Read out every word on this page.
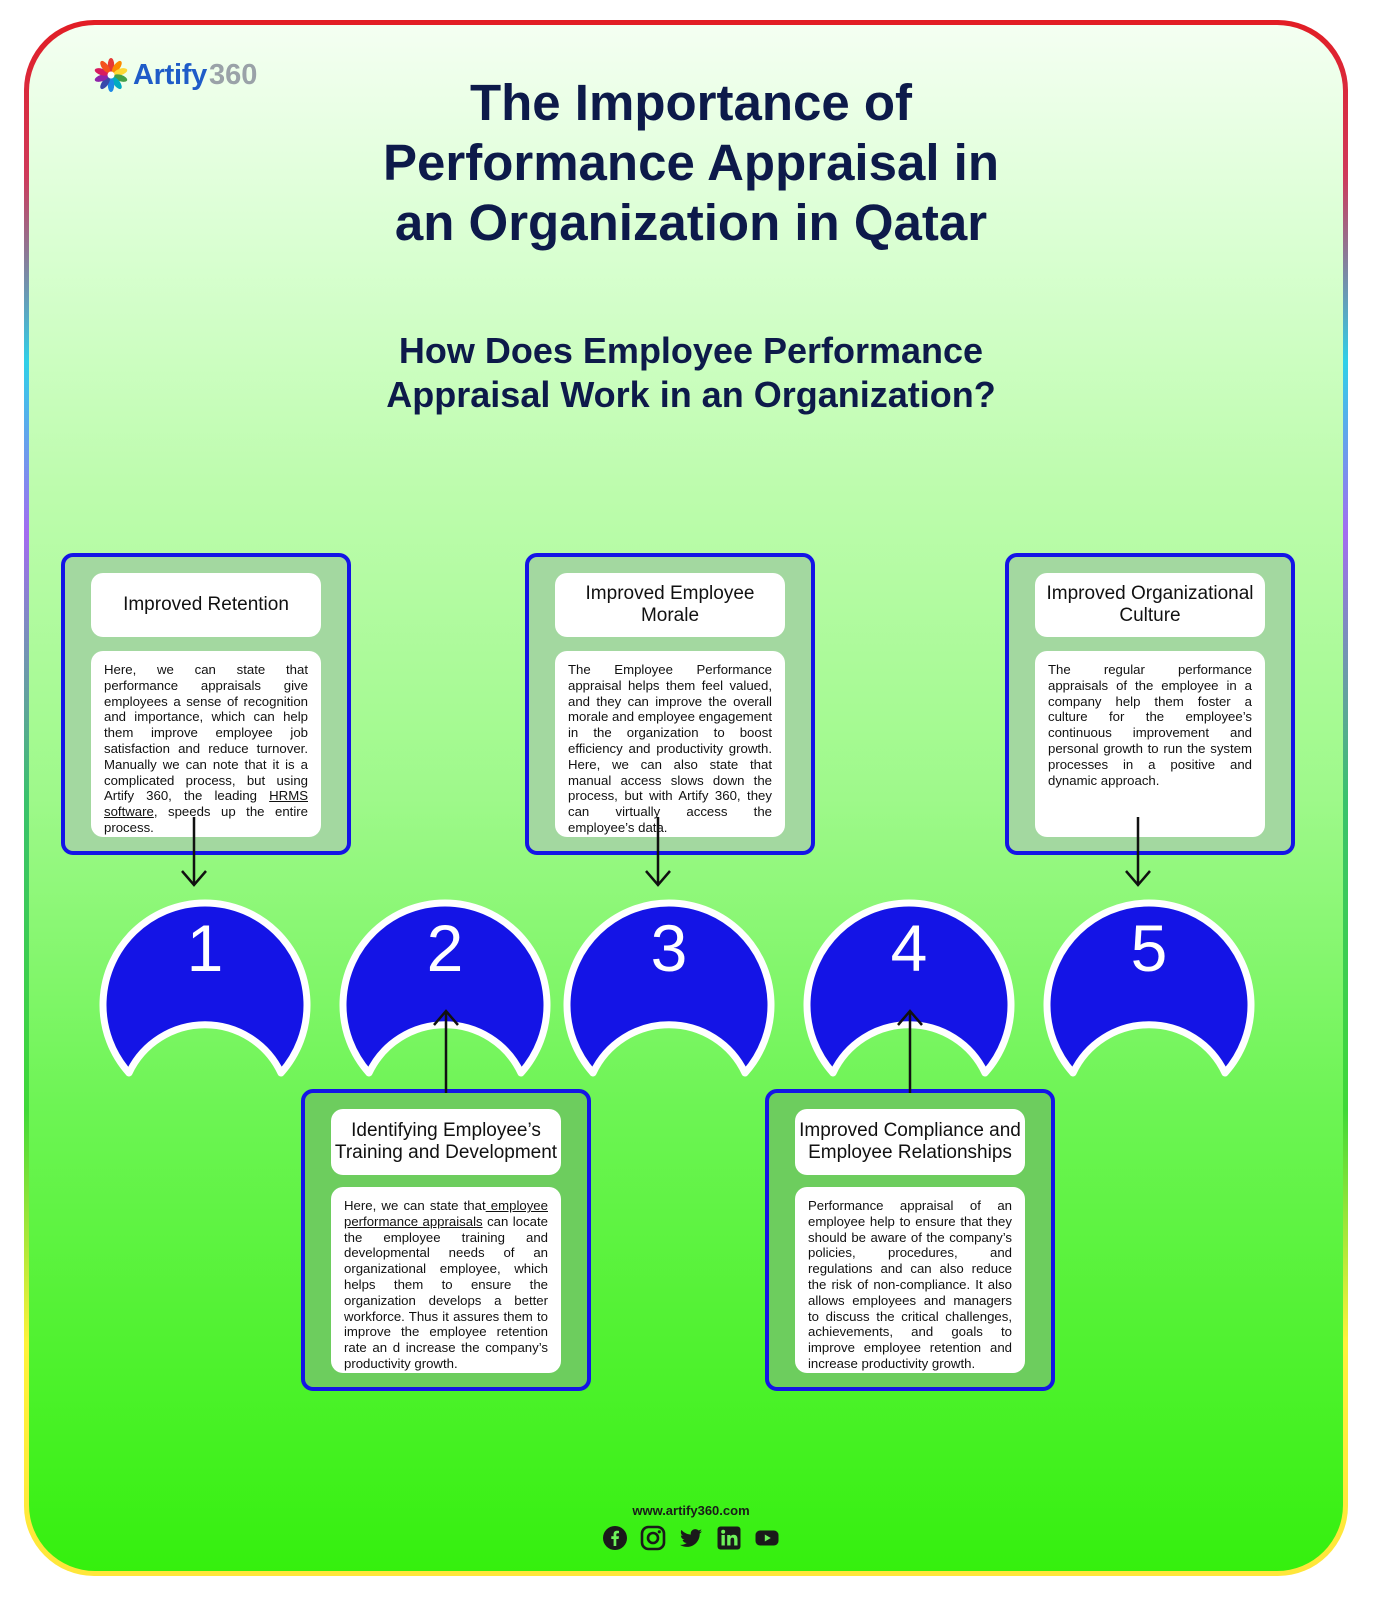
Artify 360	The Importance of
Performance Appraisal in
an Organization in Qatar
How Does Employee Performance
Appraisal Work in an Organization?
Improved Retention
Here, we can state that performance appraisals give employees a sense of recognition and importance, which can help them improve employee job satisfaction and reduce turnover. Manually we can note that it is a complicated process, but using Artify 360, the leading HRMS software, speeds up the entire process.
Improved Employee Morale
The Employee Performance appraisal helps them feel valued, and they can improve the overall morale and employee engagement in the organization to boost efficiency and productivity growth. Here, we can also state that manual access slows down the process, but with Artify 360, they can virtually access the employee’s data.
Improved Organizational Culture
The regular performance appraisals of the employee in a company help them foster a culture for the employee’s continuous improvement and personal growth to run the system processes in a positive and dynamic approach.
Identifying Employee’s Training and Development
Here, we can state that employee performance appraisals can locate the employee training and developmental needs of an organizational employee, which helps them to ensure the organization develops a better workforce. Thus it assures them to improve the employee retention rate an d increase the company’s productivity growth.
Improved Compliance and Employee Relationships
Performance appraisal of an employee help to ensure that they should be aware of the company’s policies, procedures, and regulations and can also reduce the risk of non-compliance. It also allows employees and managers to discuss the critical challenges, achievements, and goals to improve employee retention and increase productivity growth.
1	2	3	4	5
www.artify360.com
